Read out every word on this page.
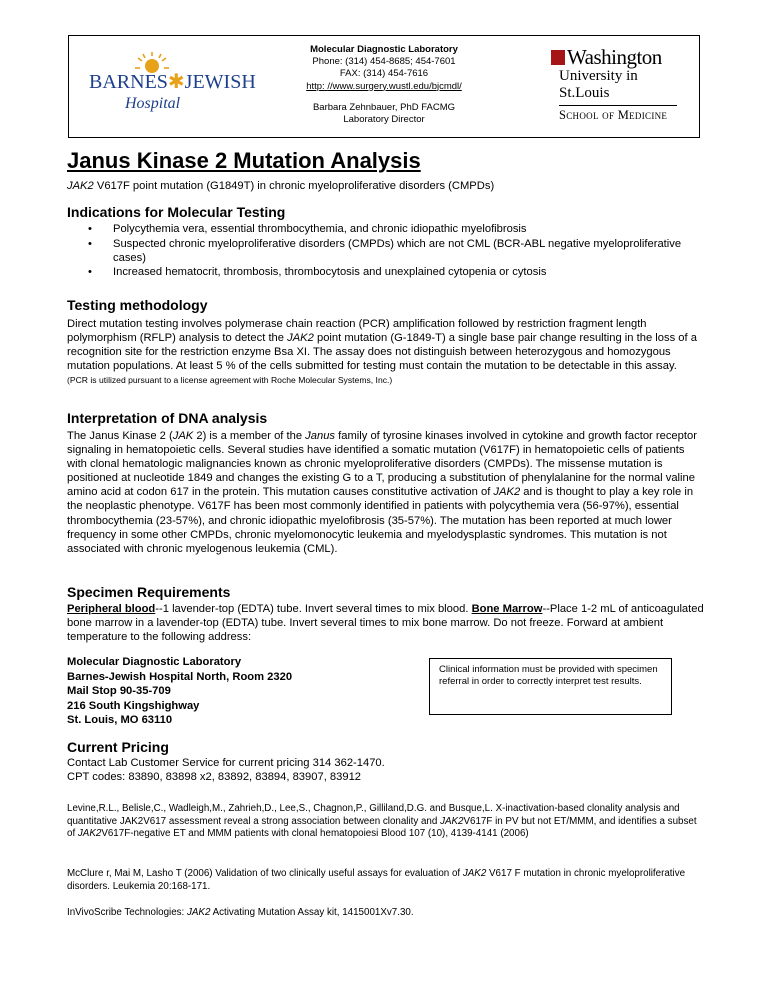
BARNES✱JEWISH
Hospital
Molecular Diagnostic Laboratory
Phone: (314) 454-8685; 454-7601
FAX: (314) 454-7616
http: //www.surgery.wustl.edu/bjcmdl/
Barbara Zehnbauer, PhD FACMG
Laboratory Director
Washington
University in St.Louis
School of Medicine
Janus Kinase 2 Mutation Analysis
JAK2 V617F point mutation (G1849T) in chronic myeloproliferative disorders (CMPDs)
Indications for Molecular Testing
• Polycythemia vera, essential thrombocythemia, and chronic idiopathic myelofibrosis
• Suspected chronic myeloproliferative disorders (CMPDs) which are not CML (BCR-ABL negative myeloproliferative cases)
• Increased hematocrit, thrombosis, thrombocytosis and unexplained cytopenia or cytosis
Testing methodology

Direct mutation testing involves polymerase chain reaction (PCR) amplification followed by restriction fragment length polymorphism (RFLP) analysis to detect the JAK2 point mutation (G-1849-T) a single base pair change resulting in the loss of a recognition site for the restriction enzyme Bsa XI. The assay does not distinguish between heterozygous and homozygous mutation populations. At least 5 % of the cells submitted for testing must contain the mutation to be detectable in this assay.
(PCR is utilized pursuant to a license agreement with Roche Molecular Systems, Inc.)

Interpretation of DNA analysis

The Janus Kinase 2 (JAK 2) is a member of the Janus family of tyrosine kinases involved in cytokine and growth factor receptor signaling in hematopoietic cells. Several studies have identified a somatic mutation (V617F) in hematopoietic cells of patients with clonal hematologic malignancies known as chronic myeloproliferative disorders (CMPDs). The missense mutation is positioned at nucleotide 1849 and changes the existing G to a T, producing a substitution of phenylalanine for the normal valine amino acid at codon 617 in the protein. This mutation causes constitutive activation of JAK2 and is thought to play a key role in the neoplastic phenotype. V617F has been most commonly identified in patients with polycythemia vera (56-97%), essential thrombocythemia (23-57%), and chronic idiopathic myelofibrosis (35-57%). The mutation has been reported at much lower frequency in some other CMPDs, chronic myelomonocytic leukemia and myelodysplastic syndromes. This mutation is not associated with chronic myelogenous leukemia (CML).

Specimen Requirements

Peripheral blood--1 lavender-top (EDTA) tube. Invert several times to mix blood. Bone Marrow--Place 1-2 mL of anticoagulated bone marrow in a lavender-top (EDTA) tube. Invert several times to mix bone marrow. Do not freeze. Forward at ambient temperature to the following address:

Molecular Diagnostic Laboratory
Barnes-Jewish Hospital North, Room 2320
Mail Stop 90-35-709
216 South Kingshighway
St. Louis, MO 63110
Clinical information must be provided with specimen referral in order to correctly interpret test results.
Current Pricing

Contact Lab Customer Service for current pricing 314 362-1470.
CPT codes: 83890, 83898 x2, 83892, 83894, 83907, 83912

Levine,R.L., Belisle,C., Wadleigh,M., Zahrieh,D., Lee,S., Chagnon,P., Gilliland,D.G. and Busque,L. X-inactivation-based clonality analysis and quantitative JAK2V617 assessment reveal a strong association between clonality and JAK2V617F in PV but not ET/MMM, and identifies a subset of JAK2V617F-negative ET and MMM patients with clonal hematopoiesi Blood 107 (10), 4139-4141 (2006)

McClure r, Mai M, Lasho T (2006) Validation of two clinically useful assays for evaluation of JAK2 V617 F mutation in chronic myeloproliferative disorders. Leukemia 20:168-171.

InVivoScribe Technologies: JAK2 Activating Mutation Assay kit, 1415001Xv7.30.
